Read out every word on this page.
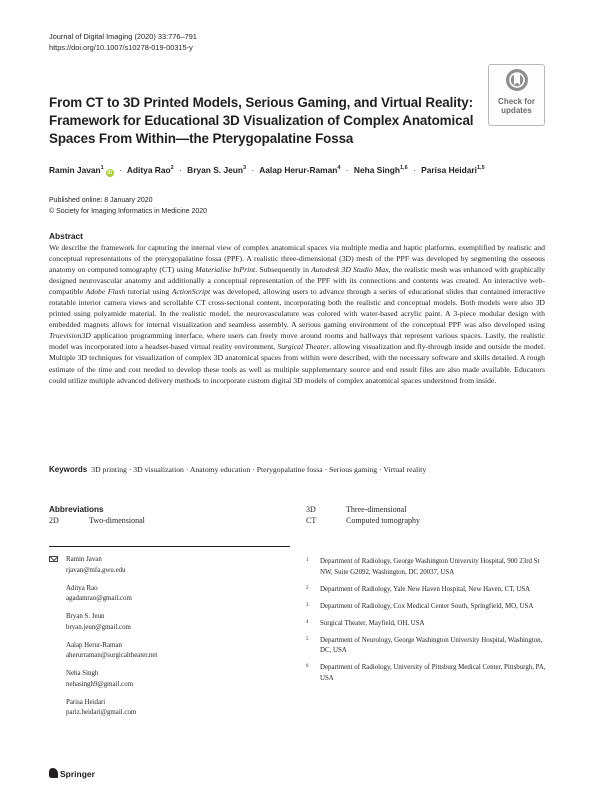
Journal of Digital Imaging (2020) 33:776–791
https://doi.org/10.1007/s10278-019-00315-y
Check for
updates
From CT to 3D Printed Models, Serious Gaming, and Virtual Reality:
Framework for Educational 3D Visualization of Complex Anatomical
Spaces From Within—the Pterygopalatine Fossa
Ramin Javan$^1$iD · Aditya Rao$^2$ · Bryan S. Jeun$^3$ · Aalap Herur-Raman$^4$ · Neha Singh$^{1,6}$ · Parisa Heidari$^{1,5}$
Published online: 8 January 2020
© Society for Imaging Informatics in Medicine 2020
Abstract
We describe the framework for capturing the internal view of complex anatomical spaces via multiple media and haptic platforms, exemplified by realistic and conceptual representations of the pterygopalatine fossa (PPF). A realistic three-dimensional (3D) mesh of the PPF was developed by segmenting the osseous anatomy on computed tomography (CT) using Materialise InPrint. Subsequently in Autodesk 3D Studio Max, the realistic mesh was enhanced with graphically designed neurovascular anatomy and additionally a conceptual representation of the PPF with its connections and contents was created. An interactive web-compatible Adobe Flash tutorial using ActionScript was developed, allowing users to advance through a series of educational slides that contained interactive rotatable interior camera views and scrollable CT cross-sectional content, incorporating both the realistic and conceptual models. Both models were also 3D printed using polyamide material. In the realistic model, the neurovasculature was colored with water-based acrylic paint. A 3-piece modular design with embedded magnets allows for internal visualization and seamless assembly. A serious gaming environment of the conceptual PPF was also developed using Truevision3D application programming interface, where users can freely move around rooms and hallways that represent various spaces. Lastly, the realistic model was incorporated into a headset-based virtual reality environment, Surgical Theater, allowing visualization and fly-through inside and outside the model. Multiple 3D techniques for visualization of complex 3D anatomical spaces from within were described, with the necessary software and skills detailed. A rough estimate of the time and cost needed to develop these tools as well as multiple supplementary source and end result files are also made available. Educators could utilize multiple advanced delivery methods to incorporate custom digital 3D models of complex anatomical spaces understood from inside.
Keywords 3D printing · 3D visualization · Anatomy education · Pterygopalatine fossa · Serious gaming · Virtual reality
Abbreviations
2D	Two-dimensional
3D	Three-dimensional
CT	Computed tomography
Ramin Javan
rjavan@mfa.gwu.edu
Aditya Rao
agadamrao@gmail.com
Bryan S. Jeun
bryan.jeun@gmail.com
Aalap Herur-Raman
aherurraman@surgicaltheater.net
Neha Singh
nehasingh9@gmail.com
Parisa Heidari
pariz.heidari@gmail.com
1	Department of Radiology, George Washington University Hospital, 900 23rd St NW, Suite G2092, Washington, DC 20037, USA
2	Department of Radiology, Yale New Haven Hospital, New Haven, CT, USA
3	Department of Radiology, Cox Medical Center South, Springfield, MO, USA
4	Surgical Theater, Mayfield, OH, USA
5	Department of Neurology, George Washington University Hospital, Washington, DC, USA
6	Department of Radiology, University of Pittsburg Medical Center, Pittsburgh, PA, USA
Springer
